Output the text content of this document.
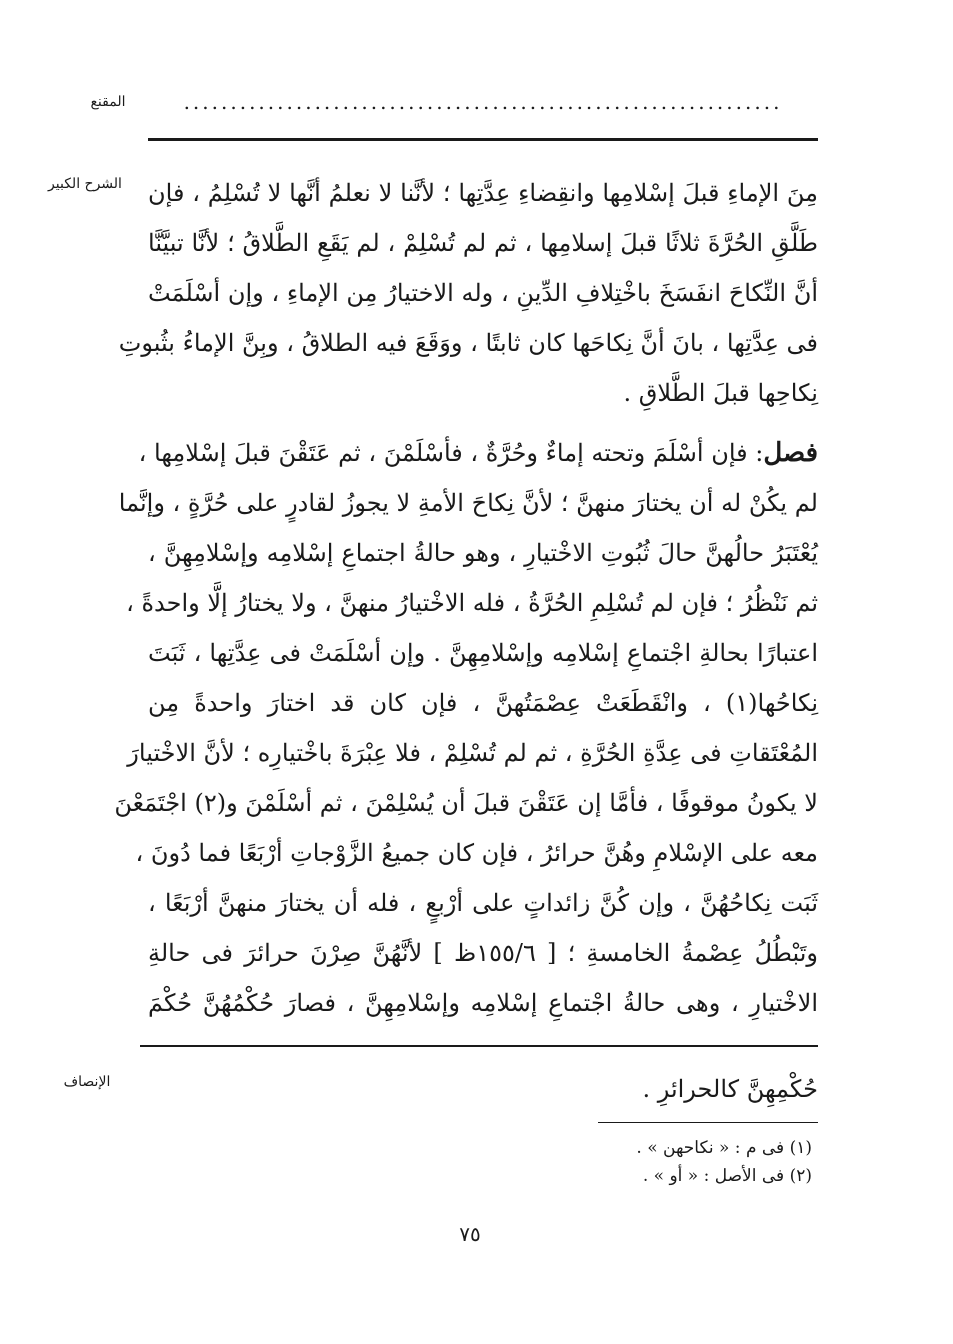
المقنع	................................................................
الشرح الكبير	مِنَ الإماءِ قبلَ إسْلامِها وانقِضاءِ عِدَّتِها ؛ لأنَّنا لا نعلمُ أنَّها لا تُسْلِمُ ، فإن
طَلَّقِ الحُرَّةَ ثلاثًا قبلَ إسلامِها ، ثم لم تُسْلِمْ ، لم يَقَعِ الطَّلاقُ ؛ لأنَّا تبيَّنَّا
أنَّ النِّكاحَ انفَسَخَ باخْتِلافِ الدِّينِ ، وله الاختيارُ مِن الإماءِ ، وإن أسْلَمَتْ
فى عِدَّتِها ، بانَ أنَّ نِكاحَها كان ثابتًا ، ووَقَعَ فيه الطلاقُ ، وبِنَّ الإماءُ بثُبوتِ
نِكاحِها قبلَ الطَّلاقِ .
فصل: فإن أسْلَمَ وتحته إماءٌ وحُرَّةٌ ، فأسْلَمْنَ ، ثم عَتَقْنَ قبلَ إسْلامِها ،
لم يكُنْ له أن يختارَ منهنَّ ؛ لأنَّ نِكاحَ الأمةِ لا يجوزُ لقادرٍ على حُرَّةٍ ، وإنَّما
يُعْتَبَرُ حالُهنَّ حالَ ثُبُوتِ الاخْتيارِ ، وهو حالةُ اجتماعِ إسْلامِه وإسْلامِهِنَّ ،
ثم نَنْظُرُ ؛ فإن لم تُسْلِمِ الحُرَّةُ ، فله الاخْتيارُ منهنَّ ، ولا يختارُ إلَّا واحدةً ،
اعتبارًا بحالةِ اجْتماعِ إسْلامِه وإسْلامِهِنَّ . وإن أسْلَمَتْ فى عِدَّتِها ، ثَبَتَ
نِكاحُها(١) ، وانْقَطَعَتْ عِصْمَتُهنَّ ، فإن كان قد اختارَ واحدةً مِن
المُعْتَقاتِ فى عِدَّةِ الحُرَّةِ ، ثم لم تُسْلِمْ ، فلا عِبْرَةَ باخْتيارِه ؛ لأنَّ الاخْتيارَ
لا يكونُ موقوفًا ، فأمَّا إن عَتَقْنَ قبلَ أن يُسْلِمْنَ ، ثم أسْلَمْنَ و(٢) اجْتَمَعْنَ
معه على الإسْلامِ وهُنَّ حرائرُ ، فإن كان جميعُ الزَّوْجاتِ أرْبَعًا فما دُونَ ،
ثَبَت نِكاحُهُنَّ ، وإن كُنَّ زائداتٍ على أرْبعٍ ، فله أن يختارَ منهنَّ أرْبَعًا ،
وتَبْطُلُ عِصْمةُ الخامسةِ ؛ [ ١٥٥/٦ظ ] لأنَّهُنَّ صِرْنَ حرائرَ فى حالةِ
الاخْتيارِ ، وهى حالةُ اجْتماعِ إسْلامِه وإسْلامِهِنَّ ، فصارَ حُكْمُهُنَّ حُكْمَ
الإنصاف	حُكْمِهِنَّ كالحرائرِ .
(١) فى م : « نكاحهن » .
(٢) فى الأصل : « أو » .
٧٥
